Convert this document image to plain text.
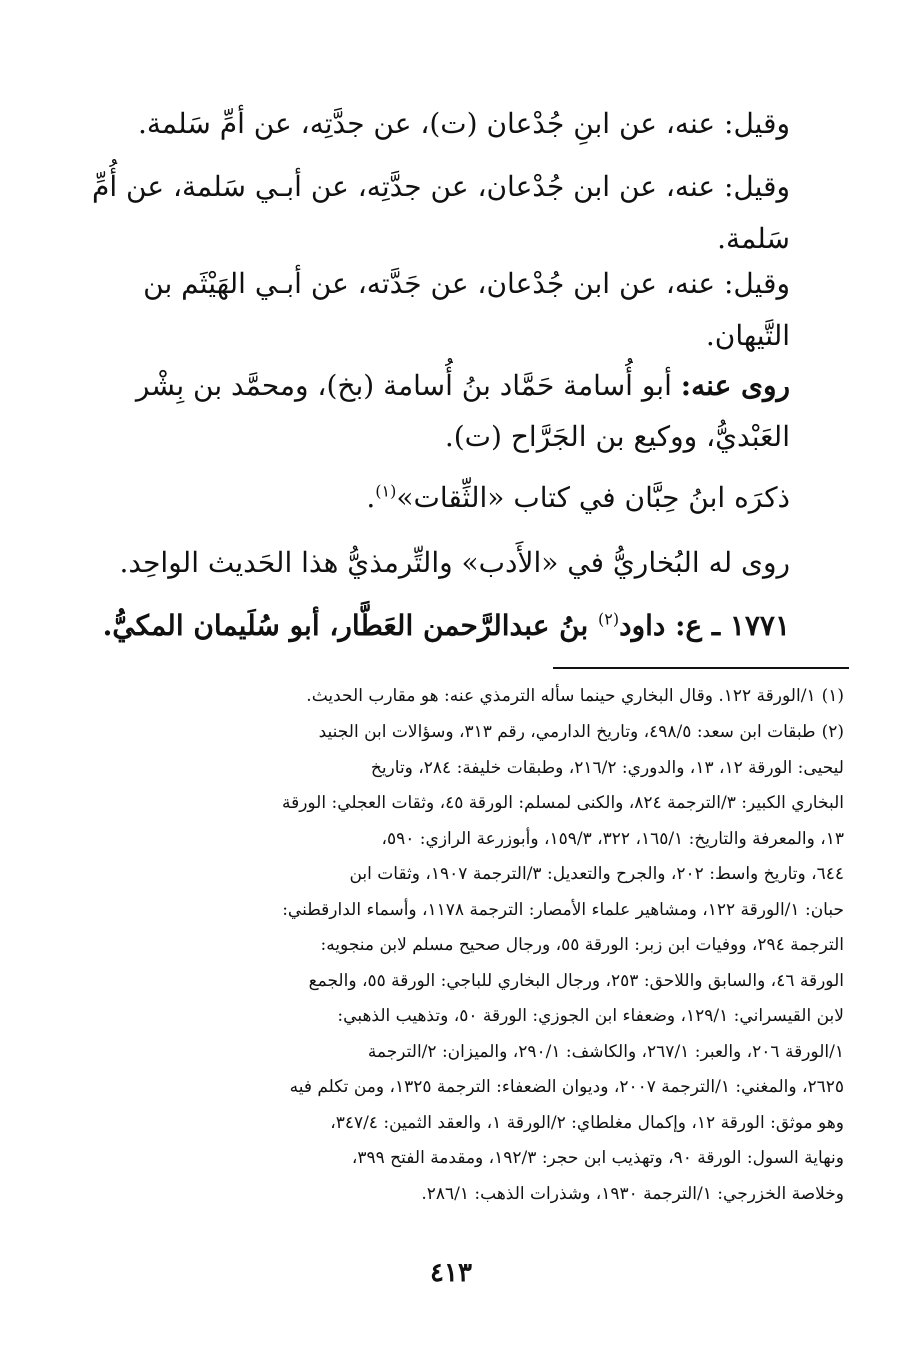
وقيل: عنه، عن ابنِ جُدْعان (ت)، عن جدَّتِه، عن أمِّ سَلمة.
وقيل: عنه، عن ابن جُدْعان، عن جدَّتِه، عن أبـي سَلمة، عن أُمِّ
سَلمة.
وقيل: عنه، عن ابن جُدْعان، عن جَدَّته، عن أبـي الهَيْثَم بن
التَّيهان.
روى عنه: أبو أُسامة حَمَّاد بنُ أُسامة (بخ)، ومحمَّد بن بِشْر
العَبْديُّ، ووكيع بن الجَرَّاح (ت).
ذكرَه ابنُ حِبَّان في كتاب «الثِّقات»$^{(١)}$.
روى له البُخاريُّ في «الأَدب» والتِّرمذيُّ هذا الحَديث الواحِد.
١٧٧١ ـ ع: داود$^{(٢)}$ بنُ عبدالرَّحمن العَطَّار، أبو سُلَيمان المكيُّ.
(١)١/الورقة ١٢٢. وقال البخاري حينما سأله الترمذي عنه: هو مقارب الحديث.
(٢)طبقات ابن سعد: ٤٩٨/٥، وتاريخ الدارمي، رقم ٣١٣، وسؤالات ابن الجنيد
ليحيى: الورقة ١٢، ١٣، والدوري: ٢١٦/٢، وطبقات خليفة: ٢٨٤، وتاريخ
البخاري الكبير: ٣/الترجمة ٨٢٤، والكنى لمسلم: الورقة ٤٥، وثقات العجلي: الورقة
١٣، والمعرفة والتاريخ: ١٦٥/١، ٣٢٢، ١٥٩/٣، وأبوزرعة الرازي: ٥٩٠،
٦٤٤، وتاريخ واسط: ٢٠٢، والجرح والتعديل: ٣/الترجمة ١٩٠٧، وثقات ابن
حبان: ١/الورقة ١٢٢، ومشاهير علماء الأمصار: الترجمة ١١٧٨، وأسماء الدارقطني:
الترجمة ٢٩٤، ووفيات ابن زبر: الورقة ٥٥، ورجال صحيح مسلم لابن منجويه:
الورقة ٤٦، والسابق واللاحق: ٢٥٣، ورجال البخاري للباجي: الورقة ٥٥، والجمع
لابن القيسراني: ١٢٩/١، وضعفاء ابن الجوزي: الورقة ٥٠، وتذهيب الذهبي:
١/الورقة ٢٠٦، والعبر: ٢٦٧/١، والكاشف: ٢٩٠/١، والميزان: ٢/الترجمة
٢٦٢٥، والمغني: ١/الترجمة ٢٠٠٧، وديوان الضعفاء: الترجمة ١٣٢٥، ومن تكلم فيه
وهو موثق: الورقة ١٢، وإكمال مغلطاي: ٢/الورقة ١، والعقد الثمين: ٣٤٧/٤،
ونهاية السول: الورقة ٩٠، وتهذيب ابن حجر: ١٩٢/٣، ومقدمة الفتح ٣٩٩،
وخلاصة الخزرجي: ١/الترجمة ١٩٣٠، وشذرات الذهب: ٢٨٦/١.
٤١٣
